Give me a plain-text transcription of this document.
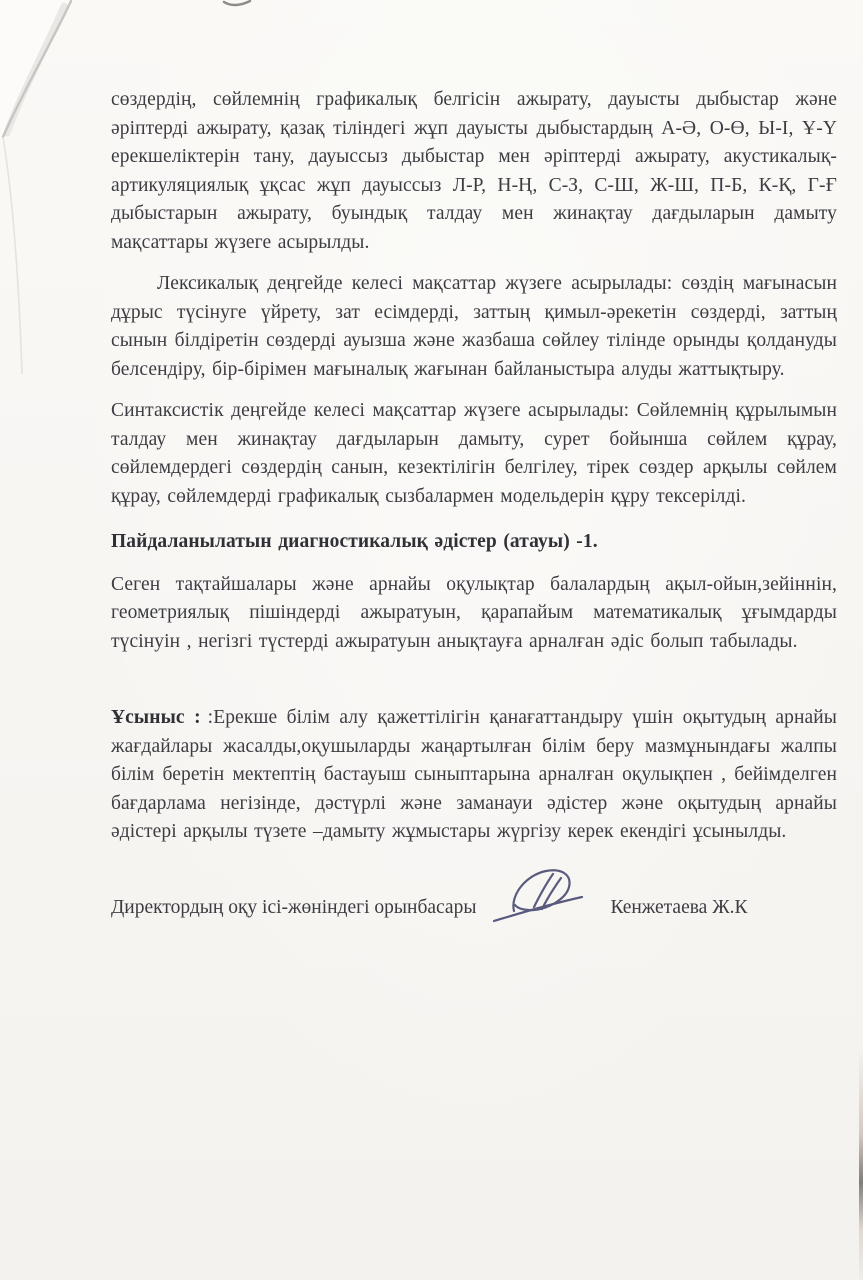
сөздердің, сөйлемнің графикалық белгісін ажырату, дауысты дыбыстар және әріптерді ажырату, қазақ тіліндегі жұп дауысты дыбыстардың А-Ә, О-Ө, Ы-І, Ұ-Ү ерекшеліктерін тану, дауыссыз дыбыстар мен әріптерді ажырату, акустикалық-артикуляциялық ұқсас жұп дауыссыз Л-Р, Н-Ң, С-З, С-Ш, Ж-Ш, П-Б, К-Қ, Г-Ғ дыбыстарын ажырату, буындық талдау мен жинақтау дағдыларын дамыту мақсаттары жүзеге асырылды.

Лексикалық деңгейде келесі мақсаттар жүзеге асырылады: сөздің мағынасын дұрыс түсінуге үйрету, зат есімдерді, заттың қимыл-әрекетін сөздерді, заттың сынын білдіретін сөздерді ауызша және жазбаша сөйлеу тілінде орынды қолдануды белсендіру, бір-бірімен мағыналық жағынан байланыстыра алуды жаттықтыру.

Синтаксистік деңгейде келесі мақсаттар жүзеге асырылады: Сөйлемнің құрылымын талдау мен жинақтау дағдыларын дамыту, сурет бойынша сөйлем құрау, сөйлемдердегі сөздердің санын, кезектілігін белгілеу, тірек сөздер арқылы сөйлем құрау, сөйлемдерді графикалық сызбалармен модельдерін құру тексерілді.

Пайдаланылатын диагностикалық әдістер (атауы) -1.

Сеген тақтайшалары және арнайы оқулықтар балалардың ақыл-ойын,зейіннін, геометриялық пішіндерді ажыратуын, қарапайым математикалық ұғымдарды түсінуін , негізгі түстерді ажыратуын анықтауға арналған әдіс болып табылады.

Ұсыныс : :Ерекше білім алу қажеттілігін қанағаттандыру үшін оқытудың арнайы жағдайлары жасалды,оқушыларды жаңартылған білім беру мазмұнындағы жалпы білім беретін мектептің бастауыш сыныптарына арналған оқулықпен , бейімделген бағдарлама негізінде, дәстүрлі және заманауи әдістер және оқытудың арнайы әдістері арқылы түзете –дамыту жұмыстары жүргізу керек екендігі ұсынылды.

Директордың оқу ісі-жөніндегі орынбасары	Кенжетаева Ж.К
